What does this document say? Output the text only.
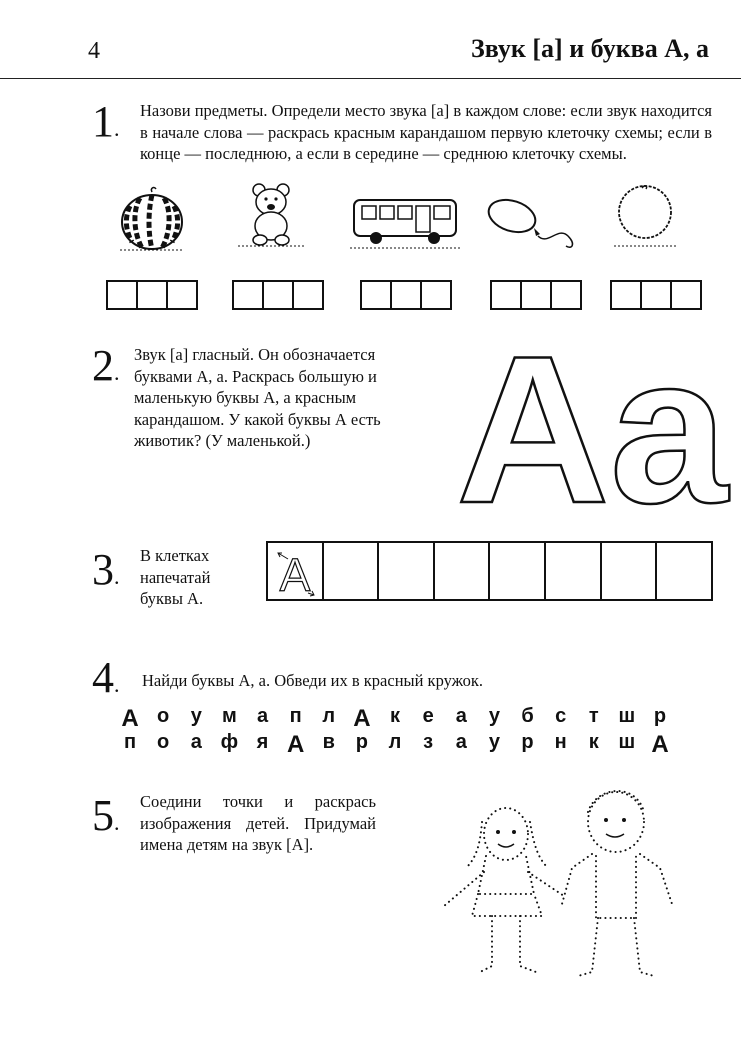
4	Звук [а] и буква А, а
1.
Назови предметы. Определи место звука [а] в каждом слове: если звук находится в начале слова — раскрась красным карандашом первую клеточку схемы; если в конце — последнюю, а если в середине — среднюю клеточку схемы.
2.
Звук [а] гласный. Он обозначается буквами А, а. Раскрась большую и маленькую буквы А, а красным карандашом. У какой буквы А есть животик? (У маленькой.) Aa
3.
В клетках напечатай буквы А.	А
4. Найди буквы А, а. Обведи их в красный кружок.
А о у м а п л А к е а у б с т ш р
п о а ф я А в р л з а у р н к ш А
5.
Соедини точки и раскрась изображения детей. Придумай имена детям на звук [А].
